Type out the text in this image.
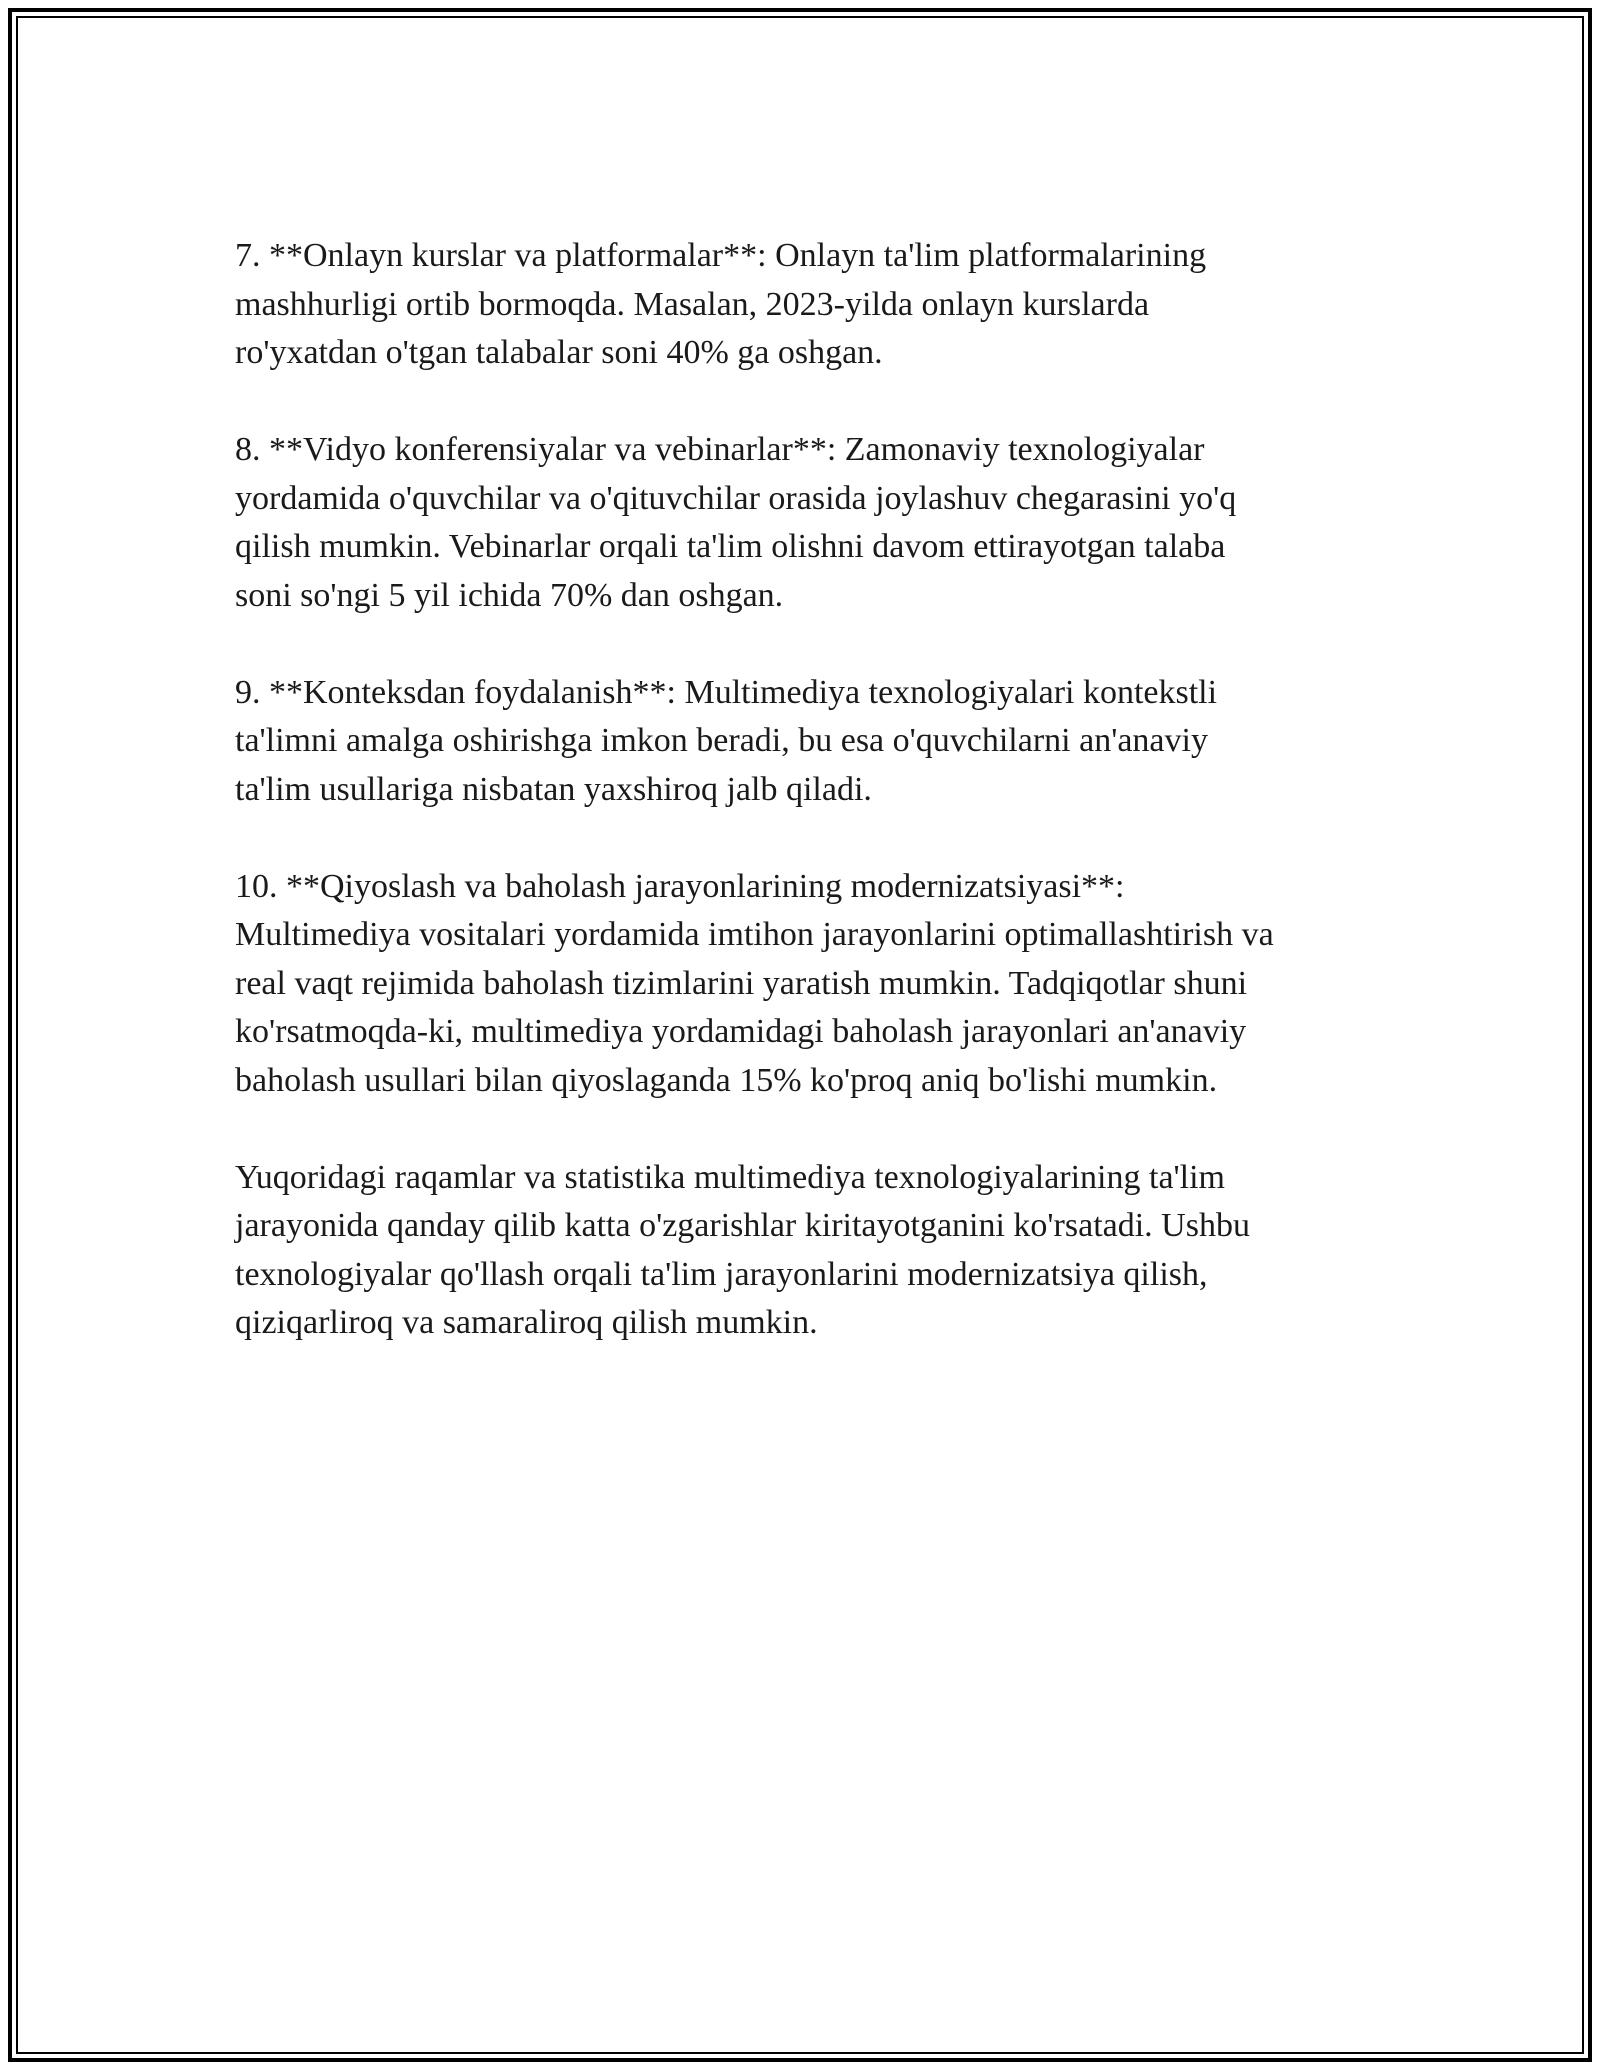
7. **Onlayn kurslar va platformalar**: Onlayn ta'lim platformalarining
mashhurligi ortib bormoqda. Masalan, 2023-yilda onlayn kurslarda
ro'yxatdan o'tgan talabalar soni 40% ga oshgan.

8. **Vidyo konferensiyalar va vebinarlar**: Zamonaviy texnologiyalar
yordamida o'quvchilar va o'qituvchilar orasida joylashuv chegarasini yo'q
qilish mumkin. Vebinarlar orqali ta'lim olishni davom ettirayotgan talaba
soni so'ngi 5 yil ichida 70% dan oshgan.

9. **Konteksdan foydalanish**: Multimediya texnologiyalari kontekstli
ta'limni amalga oshirishga imkon beradi, bu esa o'quvchilarni an'anaviy
ta'lim usullariga nisbatan yaxshiroq jalb qiladi.

10. **Qiyoslash va baholash jarayonlarining modernizatsiyasi**:
Multimediya vositalari yordamida imtihon jarayonlarini optimallashtirish va
real vaqt rejimida baholash tizimlarini yaratish mumkin. Tadqiqotlar shuni
ko'rsatmoqda-ki, multimediya yordamidagi baholash jarayonlari an'anaviy
baholash usullari bilan qiyoslaganda 15% ko'proq aniq bo'lishi mumkin.

Yuqoridagi raqamlar va statistika multimediya texnologiyalarining ta'lim
jarayonida qanday qilib katta o'zgarishlar kiritayotganini ko'rsatadi. Ushbu
texnologiyalar qo'llash orqali ta'lim jarayonlarini modernizatsiya qilish,
qiziqarliroq va samaraliroq qilish mumkin.
